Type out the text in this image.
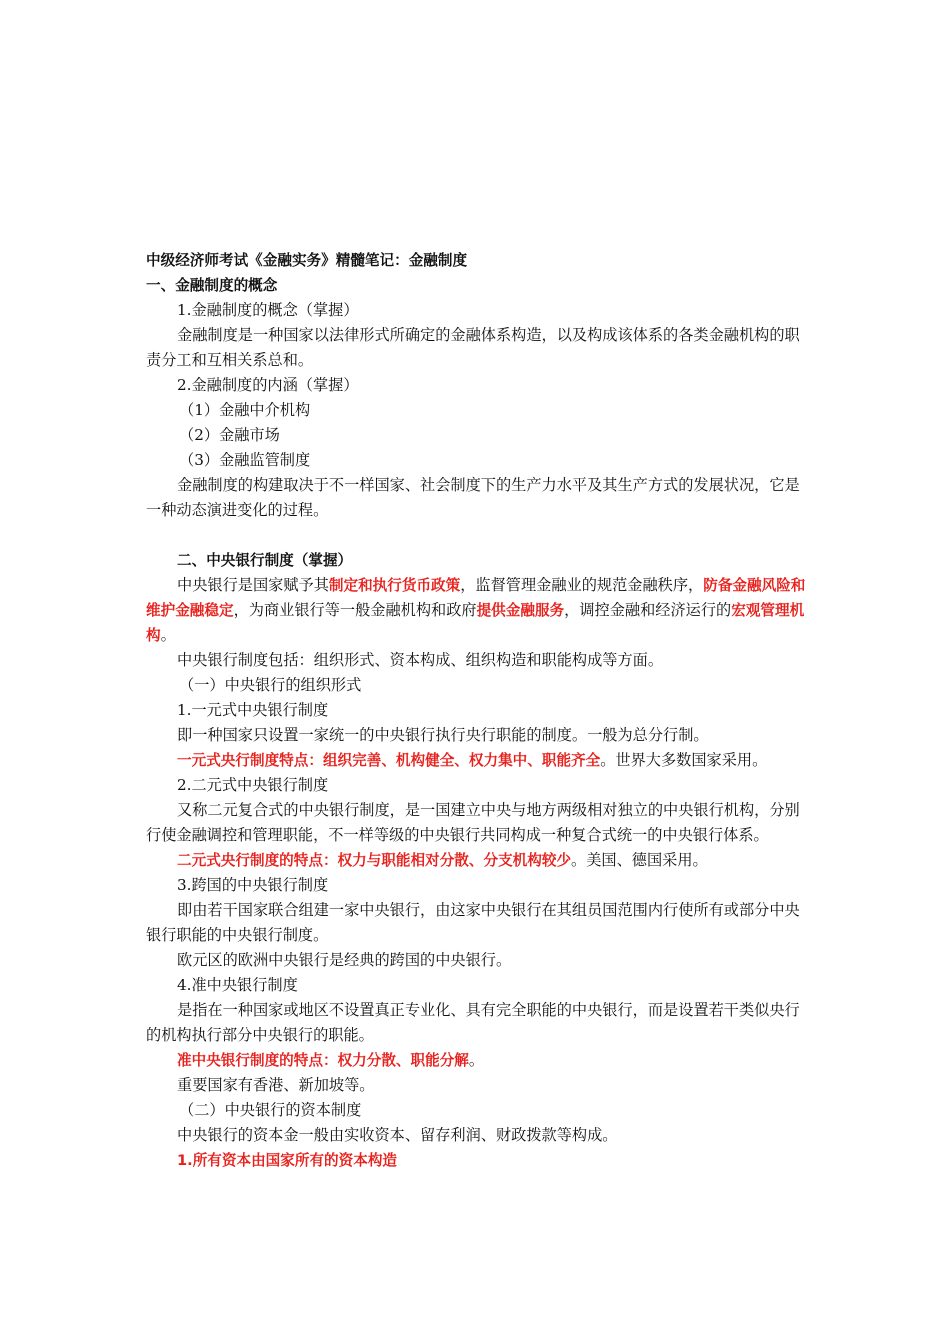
中级经济师考试《金融实务》精髓笔记：金融制度
一、金融制度的概念
1.金融制度的概念（掌握）
金融制度是一种国家以法律形式所确定的金融体系构造，以及构成该体系的各类金融机构的职责分工和互相关系总和。
2.金融制度的内涵（掌握）
（1）金融中介机构
（2）金融市场
（3）金融监管制度
金融制度的构建取决于不一样国家、社会制度下的生产力水平及其生产方式的发展状况，它是一种动态演进变化的过程。
二、中央银行制度（掌握）
中央银行是国家赋予其制定和执行货币政策，监督管理金融业的规范金融秩序，防备金融风险和维护金融稳定，为商业银行等一般金融机构和政府提供金融服务，调控金融和经济运行的宏观管理机构。
中央银行制度包括：组织形式、资本构成、组织构造和职能构成等方面。
（一）中央银行的组织形式
1.一元式中央银行制度
即一种国家只设置一家统一的中央银行执行央行职能的制度。一般为总分行制。
一元式央行制度特点：组织完善、机构健全、权力集中、职能齐全。世界大多数国家采用。
2.二元式中央银行制度
又称二元复合式的中央银行制度，是一国建立中央与地方两级相对独立的中央银行机构，分别行使金融调控和管理职能，不一样等级的中央银行共同构成一种复合式统一的中央银行体系。
二元式央行制度的特点：权力与职能相对分散、分支机构较少。美国、德国采用。
3.跨国的中央银行制度
即由若干国家联合组建一家中央银行，由这家中央银行在其组员国范围内行使所有或部分中央银行职能的中央银行制度。
欧元区的欧洲中央银行是经典的跨国的中央银行。
4.准中央银行制度
是指在一种国家或地区不设置真正专业化、具有完全职能的中央银行，而是设置若干类似央行的机构执行部分中央银行的职能。
准中央银行制度的特点：权力分散、职能分解。
重要国家有香港、新加坡等。
（二）中央银行的资本制度
中央银行的资本金一般由实收资本、留存利润、财政拨款等构成。
1.所有资本由国家所有的资本构造
